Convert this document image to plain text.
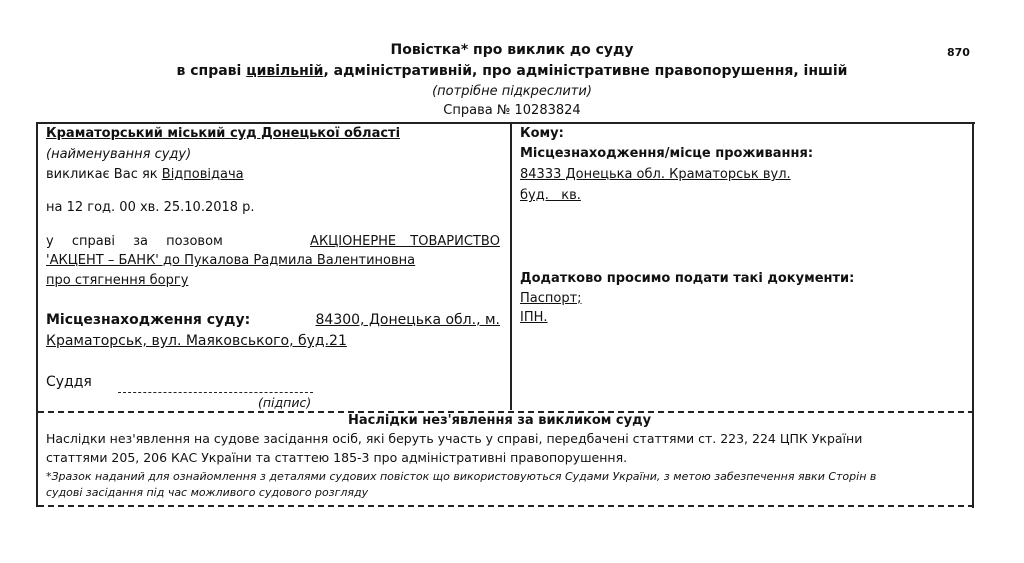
Повістка* про виклик до суду	870
в справі цивільній, адміністративній, про адміністративне правопорушення, іншій
(потрібне підкреслити)
Справа № 10283824
Краматорський міський суд Донецької області
(найменування суду)
викликає Вас як Відповідача
на 12 год. 00 хв. 25.10.2018 р.
у справі за позовом	АКЦІОНЕРНЕ ТОВАРИСТВО
'АКЦЕНТ – БАНК' до Пукалова Радмила Валентиновна
про стягнення боргу
Місцезнаходження суду:	84300, Донецька обл., м.
Краматорськ, вул. Маяковського, буд.21
Суддя
(підпис)
Кому:
Місцезнаходження/місце проживання:
84333 Донецька обл. Краматорськ вул.
буд.   кв.
Додатково просимо подати такі документи:
Паспорт;
ІПН.
Наслідки нез'явлення за викликом суду
Наслідки нез'явлення на судове засідання осіб, які беруть участь у справі, передбачені статтями ст. 223, 224 ЦПК України
статтями 205, 206 КАС України та статтею 185-3 про адміністративні правопорушення.
*Зразок наданий для ознайомлення з деталями судових повісток що використовуються Судами України, з метою забезпечення явки Сторін в
судові засідання під час можливого судового розгляду
